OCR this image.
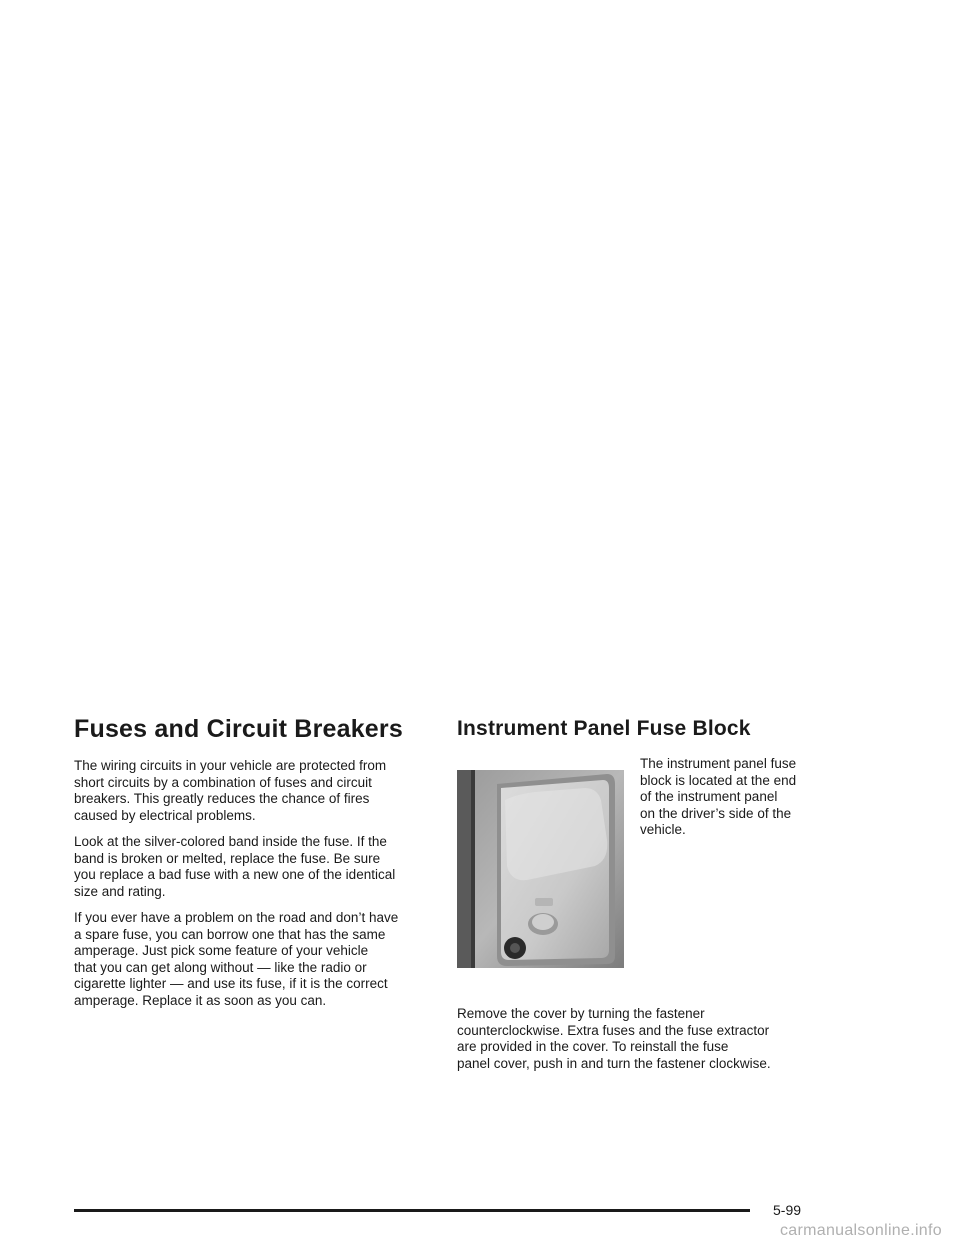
Fuses and Circuit Breakers

The wiring circuits in your vehicle are protected from
short circuits by a combination of fuses and circuit
breakers. This greatly reduces the chance of fires
caused by electrical problems.

Look at the silver-colored band inside the fuse. If the
band is broken or melted, replace the fuse. Be sure
you replace a bad fuse with a new one of the identical
size and rating.

If you ever have a problem on the road and don’t have
a spare fuse, you can borrow one that has the same
amperage. Just pick some feature of your vehicle
that you can get along without — like the radio or
cigarette lighter — and use its fuse, if it is the correct
amperage. Replace it as soon as you can.

Instrument Panel Fuse Block

The instrument panel fuse
block is located at the end
of the instrument panel
on the driver’s side of the
vehicle.

Remove the cover by turning the fastener
counterclockwise. Extra fuses and the fuse extractor
are provided in the cover. To reinstall the fuse
panel cover, push in and turn the fastener clockwise.

5-99
carmanualsonline.info
